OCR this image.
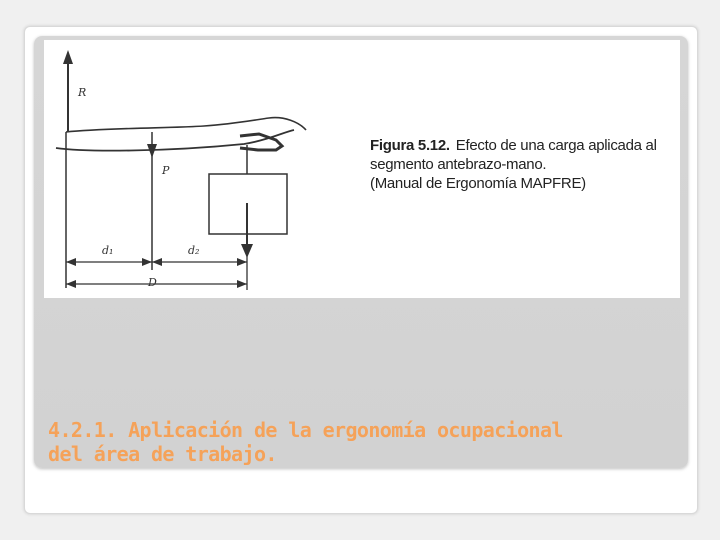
R
P
d₁	d₂
D
Figura 5.12. Efecto de una carga aplicada al
segmento antebrazo-mano.
(Manual de Ergonomía MAPFRE)
4.2.1. Aplicación de la ergonomía ocupacional
del área de trabajo.
